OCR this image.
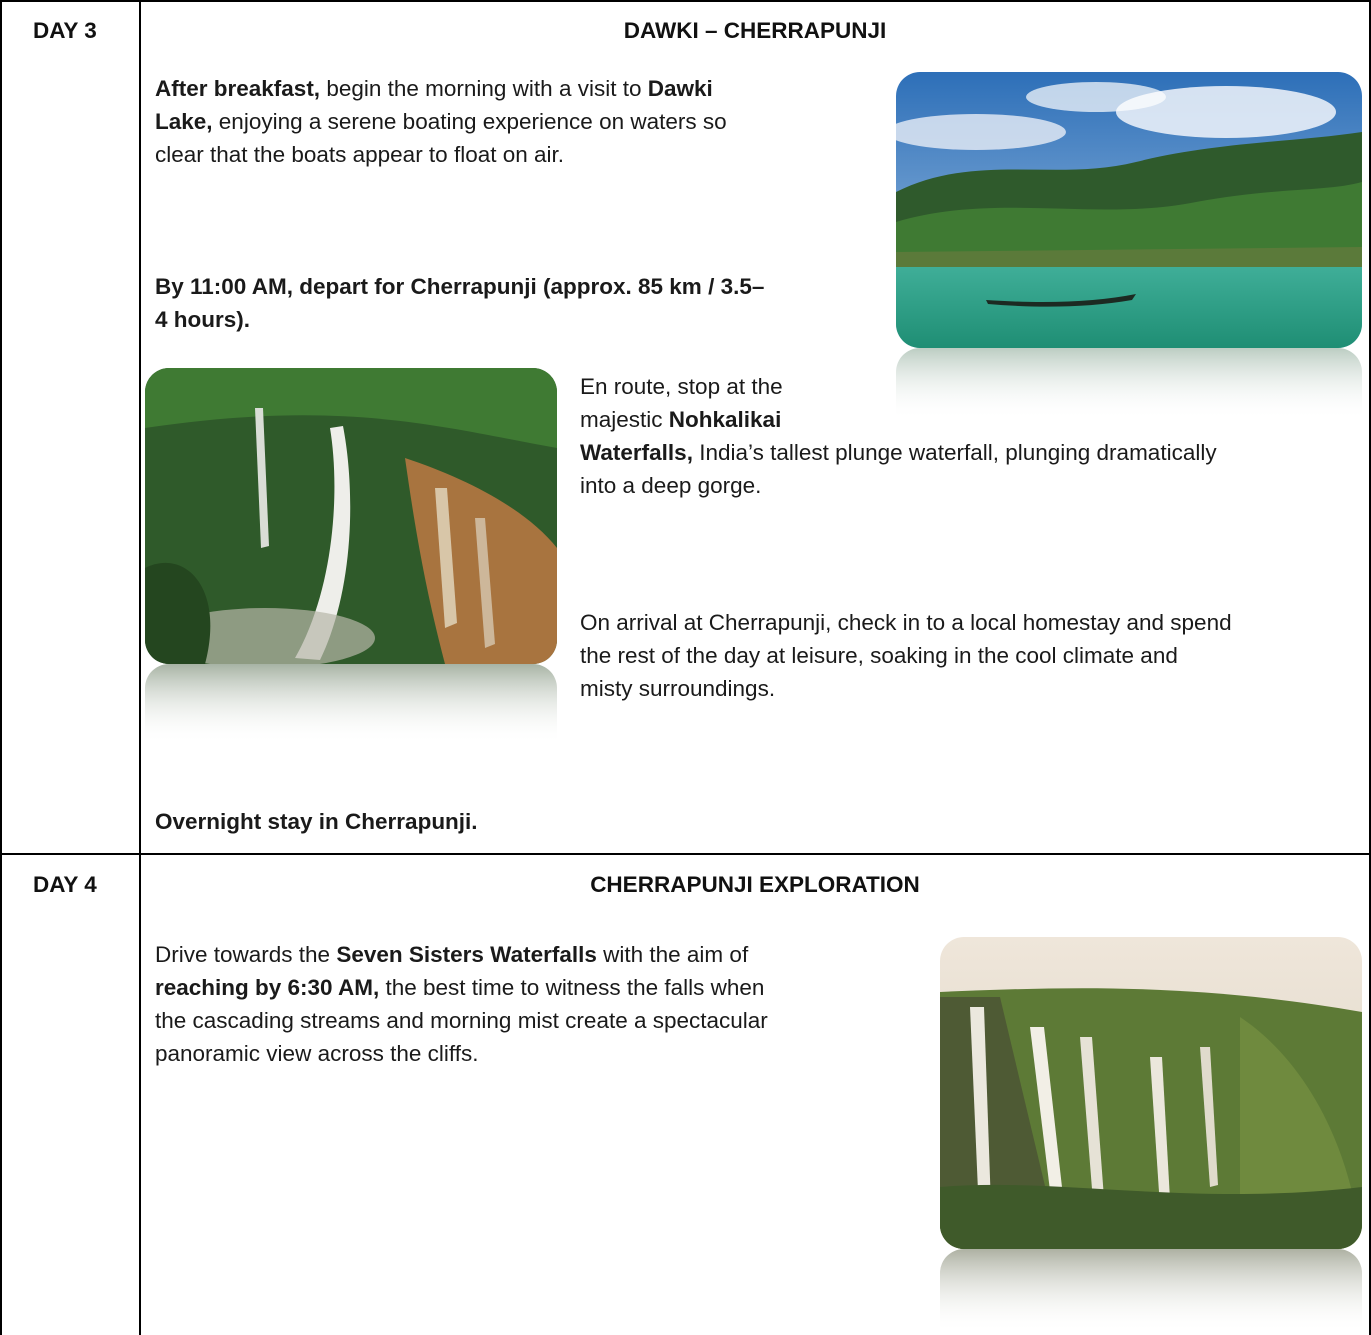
DAY 3	DAWKI – CHERRAPUNJI
After breakfast, begin the morning with a visit to Dawki
Lake, enjoying a serene boating experience on waters so
clear that the boats appear to float on air.
By 11:00 AM, depart for Cherrapunji (approx. 85 km / 3.5–
4 hours).
En route, stop at the
majestic Nohkalikai
Waterfalls, India’s tallest plunge waterfall, plunging dramatically
into a deep gorge.
On arrival at Cherrapunji, check in to a local homestay and spend
the rest of the day at leisure, soaking in the cool climate and
misty surroundings.
Overnight stay in Cherrapunji.
DAY 4	CHERRAPUNJI EXPLORATION
Drive towards the Seven Sisters Waterfalls with the aim of
reaching by 6:30 AM, the best time to witness the falls when
the cascading streams and morning mist create a spectacular
panoramic view across the cliffs.
